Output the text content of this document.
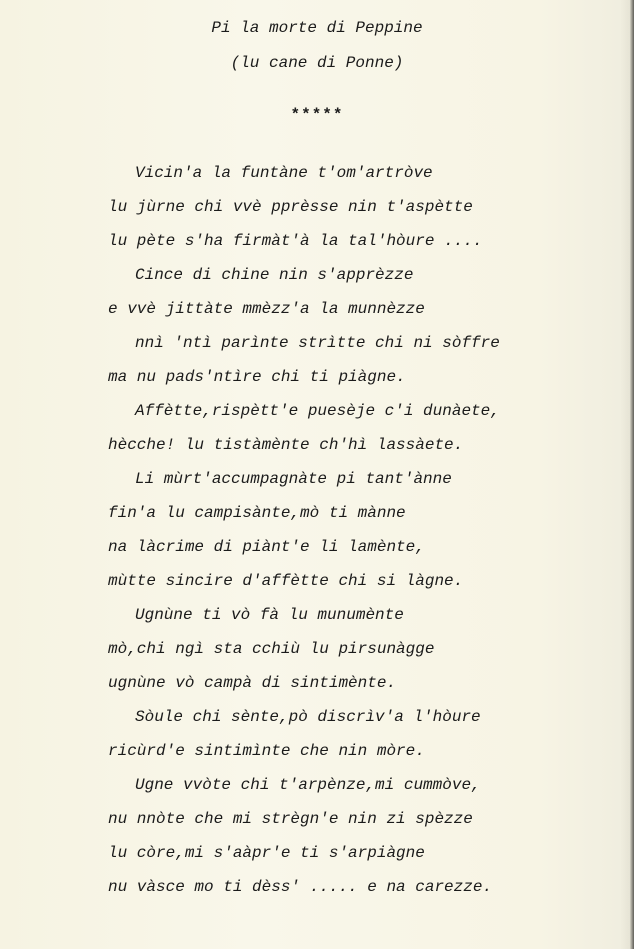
Pi la morte di Peppine
(lu cane di Ponne)
*****
Vicin'a la funtàne t'om'artròve
lu jùrne chi vvè pprèsse nin t'aspètte
lu pète s'ha firmàt'à la tal'hòure ....
Cince di chine nin s'apprèzze
e vvè jittàte mmèzz'a la munnèzze
nnì 'ntì parìnte strìtte chi ni sòffre
ma nu pads'ntìre chi ti piàgne.
Affètte,rispètt'e puesèje c'i dunàete,
hècche! lu tistàmènte ch'hì lassàete.
Li mùrt'accumpagnàte pi tant'ànne
fin'a lu campisànte,mò ti mànne
na làcrime di piànt'e li lamènte,
mùtte sincire d'affètte chi si làgne.
Ugnùne ti vò fà lu munumènte
mò,chi ngì sta cchiù lu pirsunàgge
ugnùne vò campà di sintimènte.
Sòule chi sènte,pò discrìv'a l'hòure
ricùrd'e sintimìnte che nin mòre.
Ugne vvòte chi t'arpènze,mi cummòve,
nu nnòte che mi strègn'e nin zi spèzze
lu còre,mi s'aàpr'e ti s'arpiàgne
nu vàsce mo ti dèss' ..... e na carezze.
